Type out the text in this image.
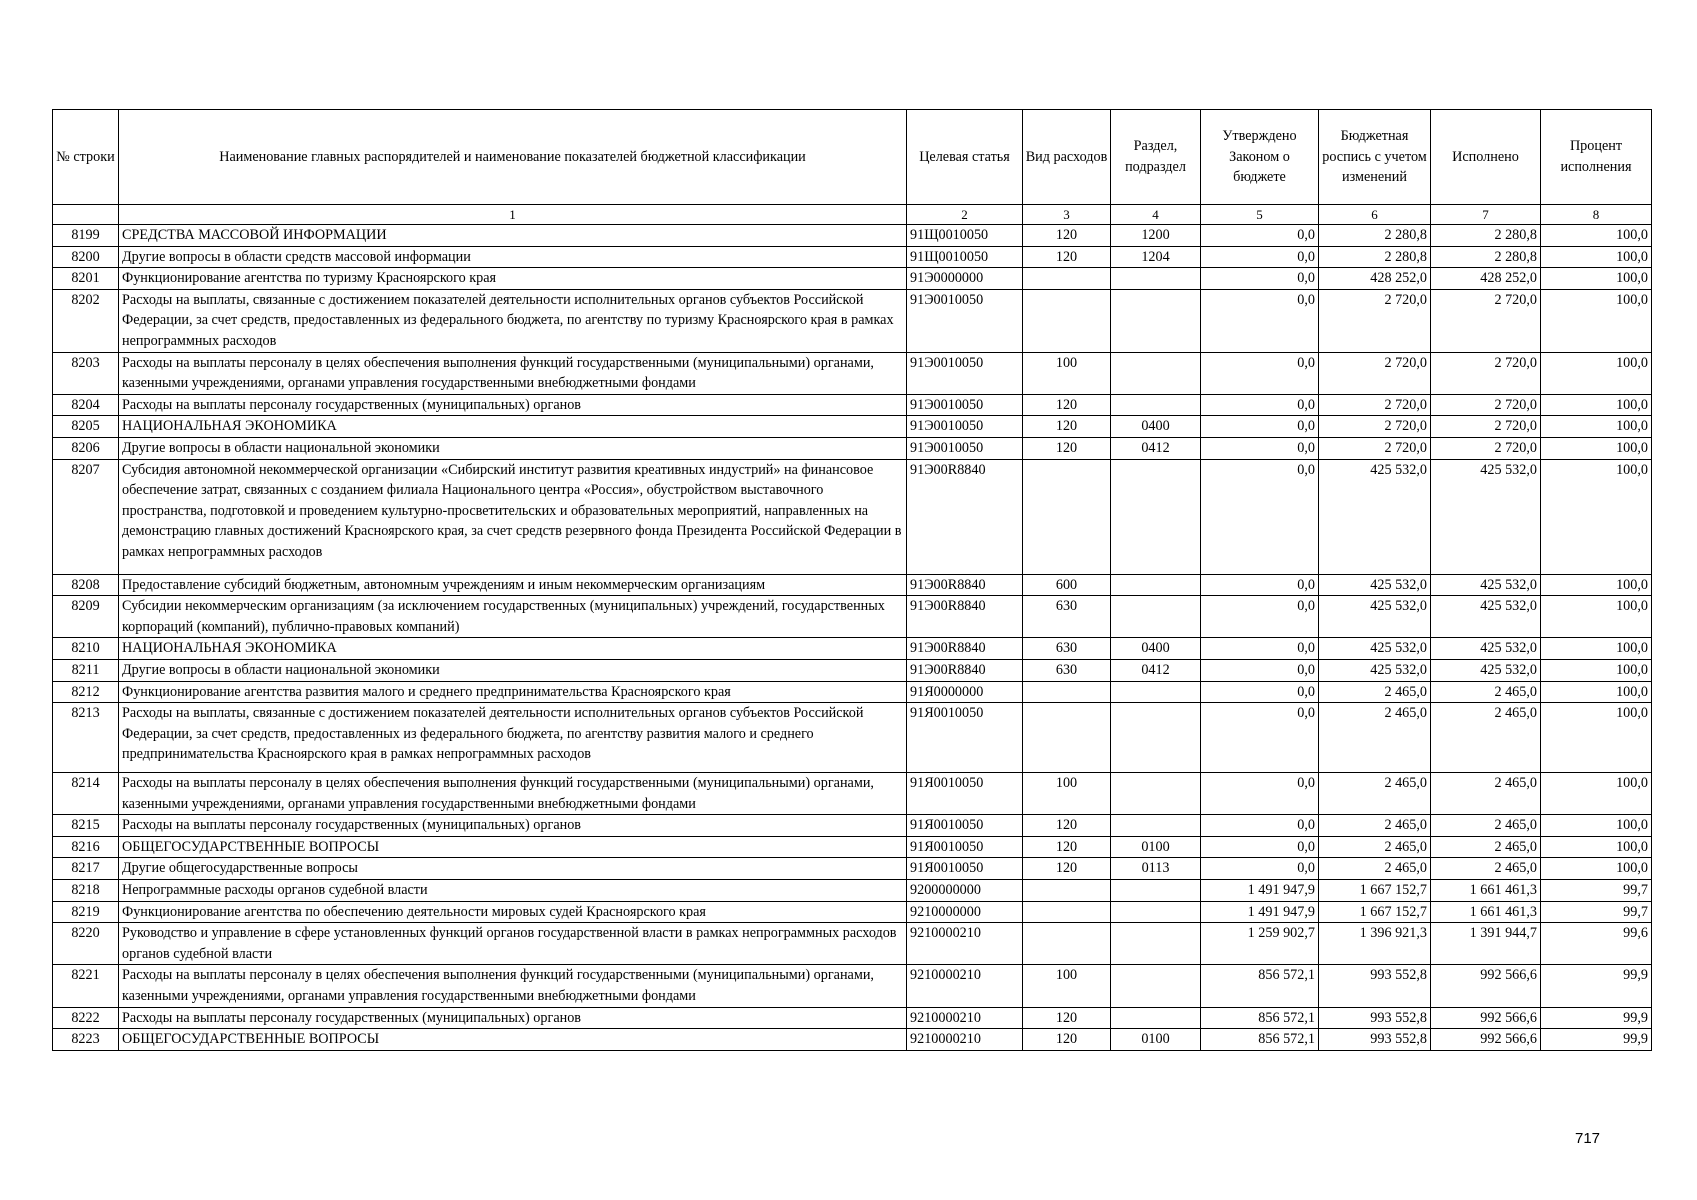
№ строки	Наименование главных распорядителей и наименование показателей бюджетной классификации	Целевая статья	Вид расходов	Раздел, подраздел	Утверждено Законом о бюджете	Бюджетная роспись с учетом изменений	Исполнено	Процент исполнения
	1	2	3	4	5	6	7	8
8199	СРЕДСТВА МАССОВОЙ ИНФОРМАЦИИ	91Щ0010050	120	1200	0,0	2 280,8	2 280,8	100,0
8200	Другие вопросы в области средств массовой информации	91Щ0010050	120	1204	0,0	2 280,8	2 280,8	100,0
8201	Функционирование агентства по туризму Красноярского края	91Э0000000			0,0	428 252,0	428 252,0	100,0
8202	Расходы на выплаты, связанные с достижением показателей деятельности исполнительных органов субъектов Российской Федерации, за счет средств, предоставленных из федерального бюджета, по агентству по туризму Красноярского края в рамках непрограммных расходов	91Э0010050			0,0	2 720,0	2 720,0	100,0
8203	Расходы на выплаты персоналу в целях обеспечения выполнения функций государственными (муниципальными) органами, казенными учреждениями, органами управления государственными внебюджетными фондами	91Э0010050	100		0,0	2 720,0	2 720,0	100,0
8204	Расходы на выплаты персоналу государственных (муниципальных) органов	91Э0010050	120		0,0	2 720,0	2 720,0	100,0
8205	НАЦИОНАЛЬНАЯ ЭКОНОМИКА	91Э0010050	120	0400	0,0	2 720,0	2 720,0	100,0
8206	Другие вопросы в области национальной экономики	91Э0010050	120	0412	0,0	2 720,0	2 720,0	100,0
8207	Субсидия автономной некоммерческой организации «Сибирский институт развития креативных индустрий» на финансовое обеспечение затрат, связанных с созданием филиала Национального центра «Россия», обустройством выставочного пространства, подготовкой и проведением культурно-просветительских и образовательных мероприятий, направленных на демонстрацию главных достижений Красноярского края, за счет средств резервного фонда Президента Российской Федерации в рамках непрограммных расходов	91Э00R8840			0,0	425 532,0	425 532,0	100,0
8208	Предоставление субсидий бюджетным, автономным учреждениям и иным некоммерческим организациям	91Э00R8840	600		0,0	425 532,0	425 532,0	100,0
8209	Субсидии некоммерческим организациям (за исключением государственных (муниципальных) учреждений, государственных корпораций (компаний), публично-правовых компаний)	91Э00R8840	630		0,0	425 532,0	425 532,0	100,0
8210	НАЦИОНАЛЬНАЯ ЭКОНОМИКА	91Э00R8840	630	0400	0,0	425 532,0	425 532,0	100,0
8211	Другие вопросы в области национальной экономики	91Э00R8840	630	0412	0,0	425 532,0	425 532,0	100,0
8212	Функционирование агентства развития малого и среднего предпринимательства Красноярского края	91Я0000000			0,0	2 465,0	2 465,0	100,0
8213	Расходы на выплаты, связанные с достижением показателей деятельности исполнительных органов субъектов Российской Федерации, за счет средств, предоставленных из федерального бюджета, по агентству развития малого и среднего предпринимательства Красноярского края в рамках непрограммных расходов	91Я0010050			0,0	2 465,0	2 465,0	100,0
8214	Расходы на выплаты персоналу в целях обеспечения выполнения функций государственными (муниципальными) органами, казенными учреждениями, органами управления государственными внебюджетными фондами	91Я0010050	100		0,0	2 465,0	2 465,0	100,0
8215	Расходы на выплаты персоналу государственных (муниципальных) органов	91Я0010050	120		0,0	2 465,0	2 465,0	100,0
8216	ОБЩЕГОСУДАРСТВЕННЫЕ ВОПРОСЫ	91Я0010050	120	0100	0,0	2 465,0	2 465,0	100,0
8217	Другие общегосударственные вопросы	91Я0010050	120	0113	0,0	2 465,0	2 465,0	100,0
8218	Непрограммные расходы органов судебной власти	9200000000			1 491 947,9	1 667 152,7	1 661 461,3	99,7
8219	Функционирование агентства по обеспечению деятельности мировых судей Красноярского края	9210000000			1 491 947,9	1 667 152,7	1 661 461,3	99,7
8220	Руководство и управление в сфере установленных функций органов государственной власти в рамках непрограммных расходов органов судебной власти	9210000210			1 259 902,7	1 396 921,3	1 391 944,7	99,6
8221	Расходы на выплаты персоналу в целях обеспечения выполнения функций государственными (муниципальными) органами, казенными учреждениями, органами управления государственными внебюджетными фондами	9210000210	100		856 572,1	993 552,8	992 566,6	99,9
8222	Расходы на выплаты персоналу государственных (муниципальных) органов	9210000210	120		856 572,1	993 552,8	992 566,6	99,9
8223	ОБЩЕГОСУДАРСТВЕННЫЕ ВОПРОСЫ	9210000210	120	0100	856 572,1	993 552,8	992 566,6	99,9
717
